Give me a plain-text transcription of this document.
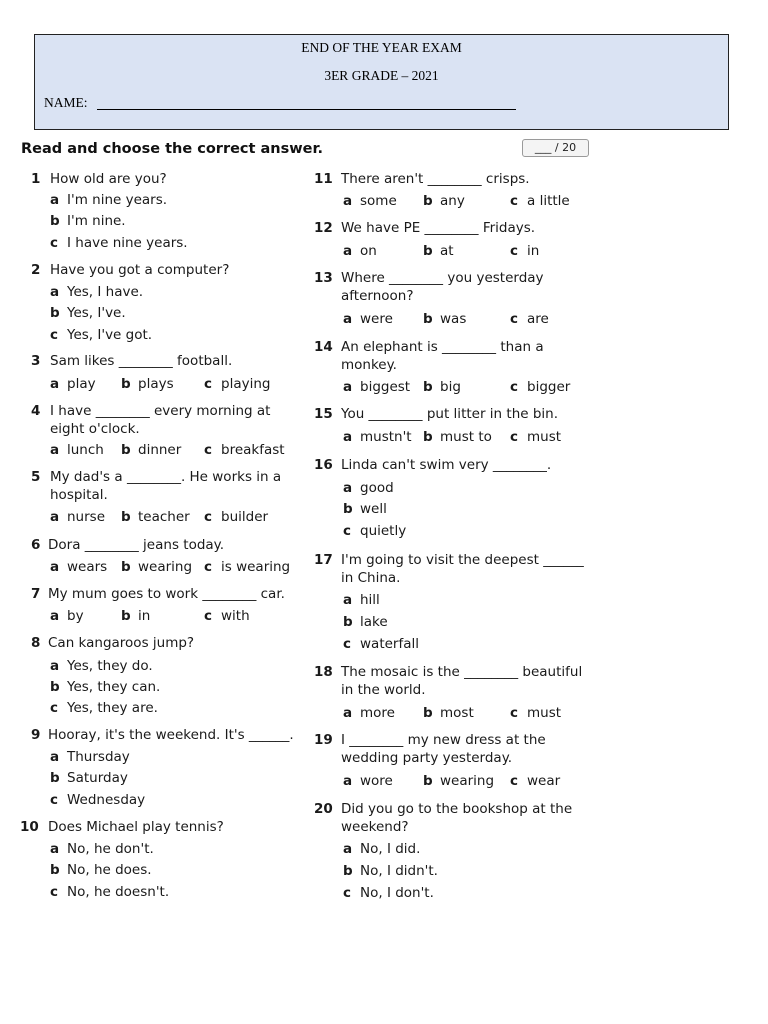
END OF THE YEAR EXAM
3ER GRADE – 2021
NAME:
Read and choose the correct answer.	___ / 20
1 How old are you?
a I'm nine years.
b I'm nine.
c I have nine years.
2 Have you got a computer?
a Yes, I have.
b Yes, I've.
c Yes, I've got.
3 Sam likes ________ football.
a play b plays c playing
4 I have ________ every morning at
eight o'clock.
a lunch b dinner c breakfast
5 My dad's a ________. He works in a
hospital.
a nurse b teacher c builder
6 Dora ________ jeans today.
a wears b wearing c is wearing
7 My mum goes to work ________ car.
a by	b in	c with
8 Can kangaroos jump?
a Yes, they do.
b Yes, they can.
c Yes, they are.
9 Hooray, it's the weekend. It's ______.
a Thursday
b Saturday
c Wednesday
10 Does Michael play tennis?
a No, he don't.
b No, he does.
c No, he doesn't.
11 There aren't ________ crisps.
a some b any	c a little
12 We have PE ________ Fridays.
a on	b at	c in
13 Where ________ you yesterday
afternoon?
a were b was	c are
14 An elephant is ________ than a
monkey.
a biggest b big	c bigger
15 You ________ put litter in the bin.
a mustn't b must to c must
16 Linda can't swim very ________.
a good
b well
c quietly
17 I'm going to visit the deepest ______
in China.
a hill
b lake
c waterfall
18 The mosaic is the ________ beautiful
in the world.
a more b most	c must
19 I ________ my new dress at the
wedding party yesterday.
a wore b wearing c wear
20 Did you go to the bookshop at the
weekend?
a No, I did.
b No, I didn't.
c No, I don't.
